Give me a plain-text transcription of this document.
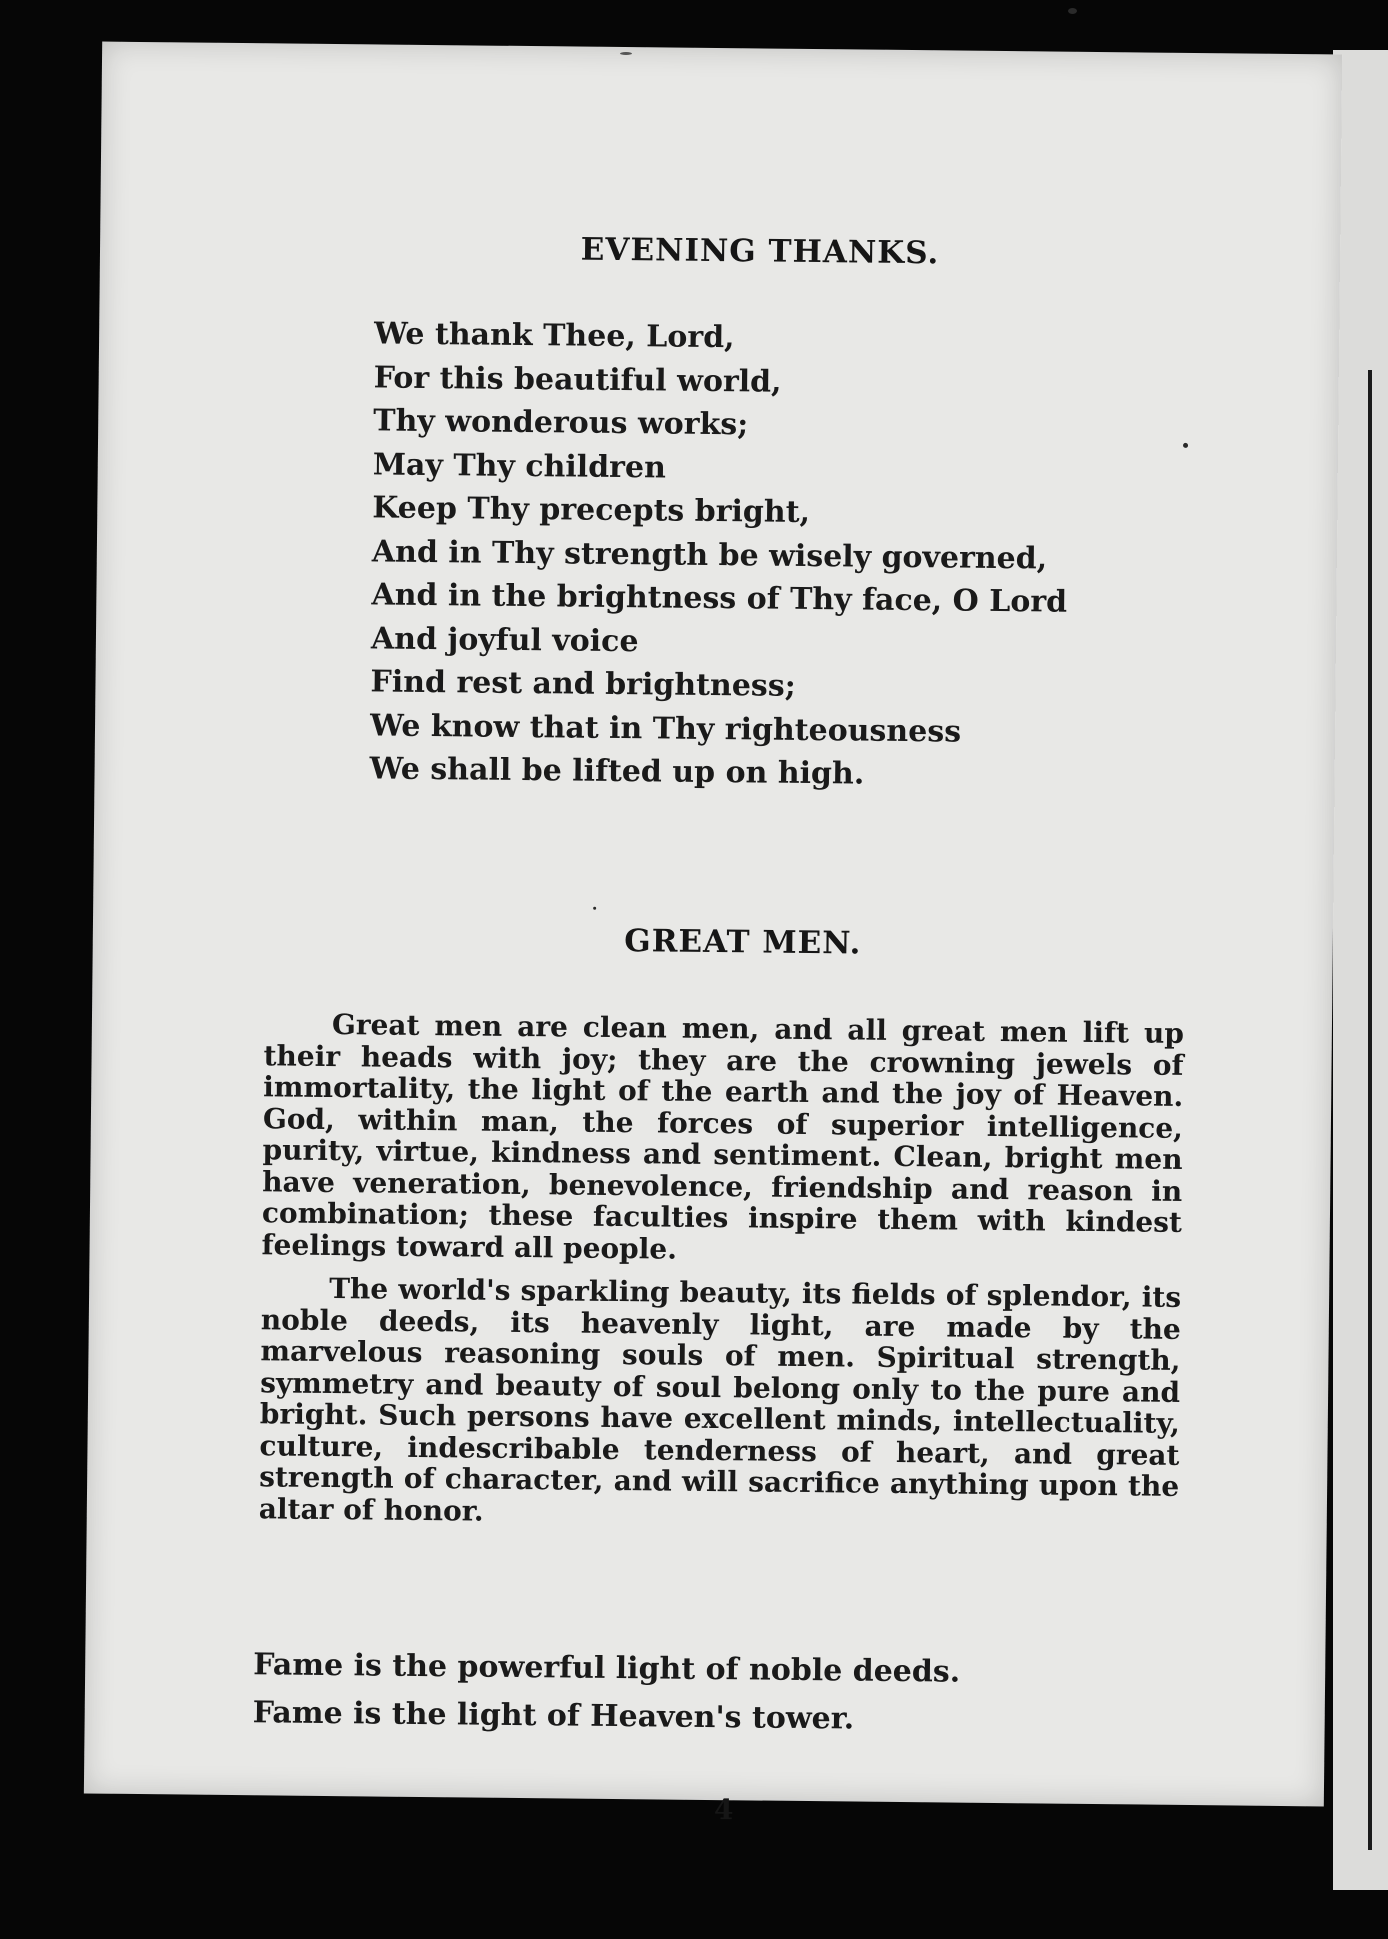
EVENING THANKS.
We thank Thee, Lord,
For this beautiful world,
Thy wonderous works;
May Thy children
Keep Thy precepts bright,
And in Thy strength be wisely governed,
And in the brightness of Thy face, O Lord
And joyful voice
Find rest and brightness;
We know that in Thy righteousness
We shall be lifted up on high.
GREAT MEN.

Great men are clean men, and all great men lift up their heads with joy; they are the crowning jewels of immortality, the light of the earth and the joy of Heaven. God, within man, the forces of superior intelligence, purity, virtue, kindness and sentiment. Clean, bright men have veneration, benevolence, friendship and reason in combination; these faculties inspire them with kindest feelings toward all people.

The world's sparkling beauty, its fields of splendor, its noble deeds, its heavenly light, are made by the marvelous reasoning souls of men. Spiritual strength, symmetry and beauty of soul belong only to the pure and bright. Such persons have excellent minds, intellectuality, culture, indescribable tenderness of heart, and great strength of character, and will sacrifice anything upon the altar of honor.

Fame is the powerful light of noble deeds.
Fame is the light of Heaven's tower.
4
